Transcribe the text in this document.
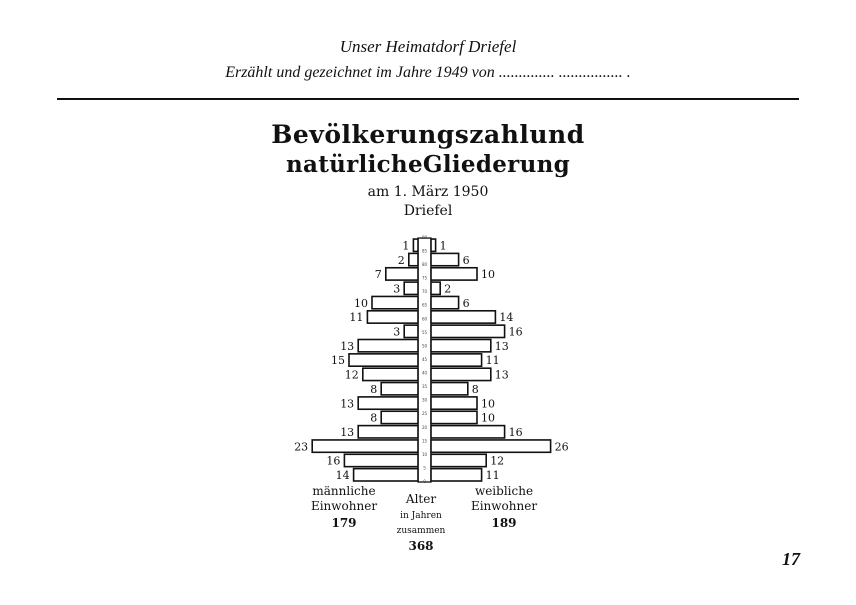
Unser Heimatdorf Driefel
Erzählt und gezeichnet im Jahre 1949 von .............. ................ .
Bevölkerungszahlund
natürlicheGliederung
am 1. März 1950
Driefel
0
5
10
15
20
25
30
35
40
45
50
55
60
65
70
75
80
85
90
14	11
16	12
23	26
13	16
8	10
13	10
8	8
12	13
15	11
13	13
3	16
11	14
10	6
3	2
7	10
2	6
1	1
männliche
Einwohner
179
weibliche
Einwohner
189
Alter
in Jahren
zusammen
368
17
